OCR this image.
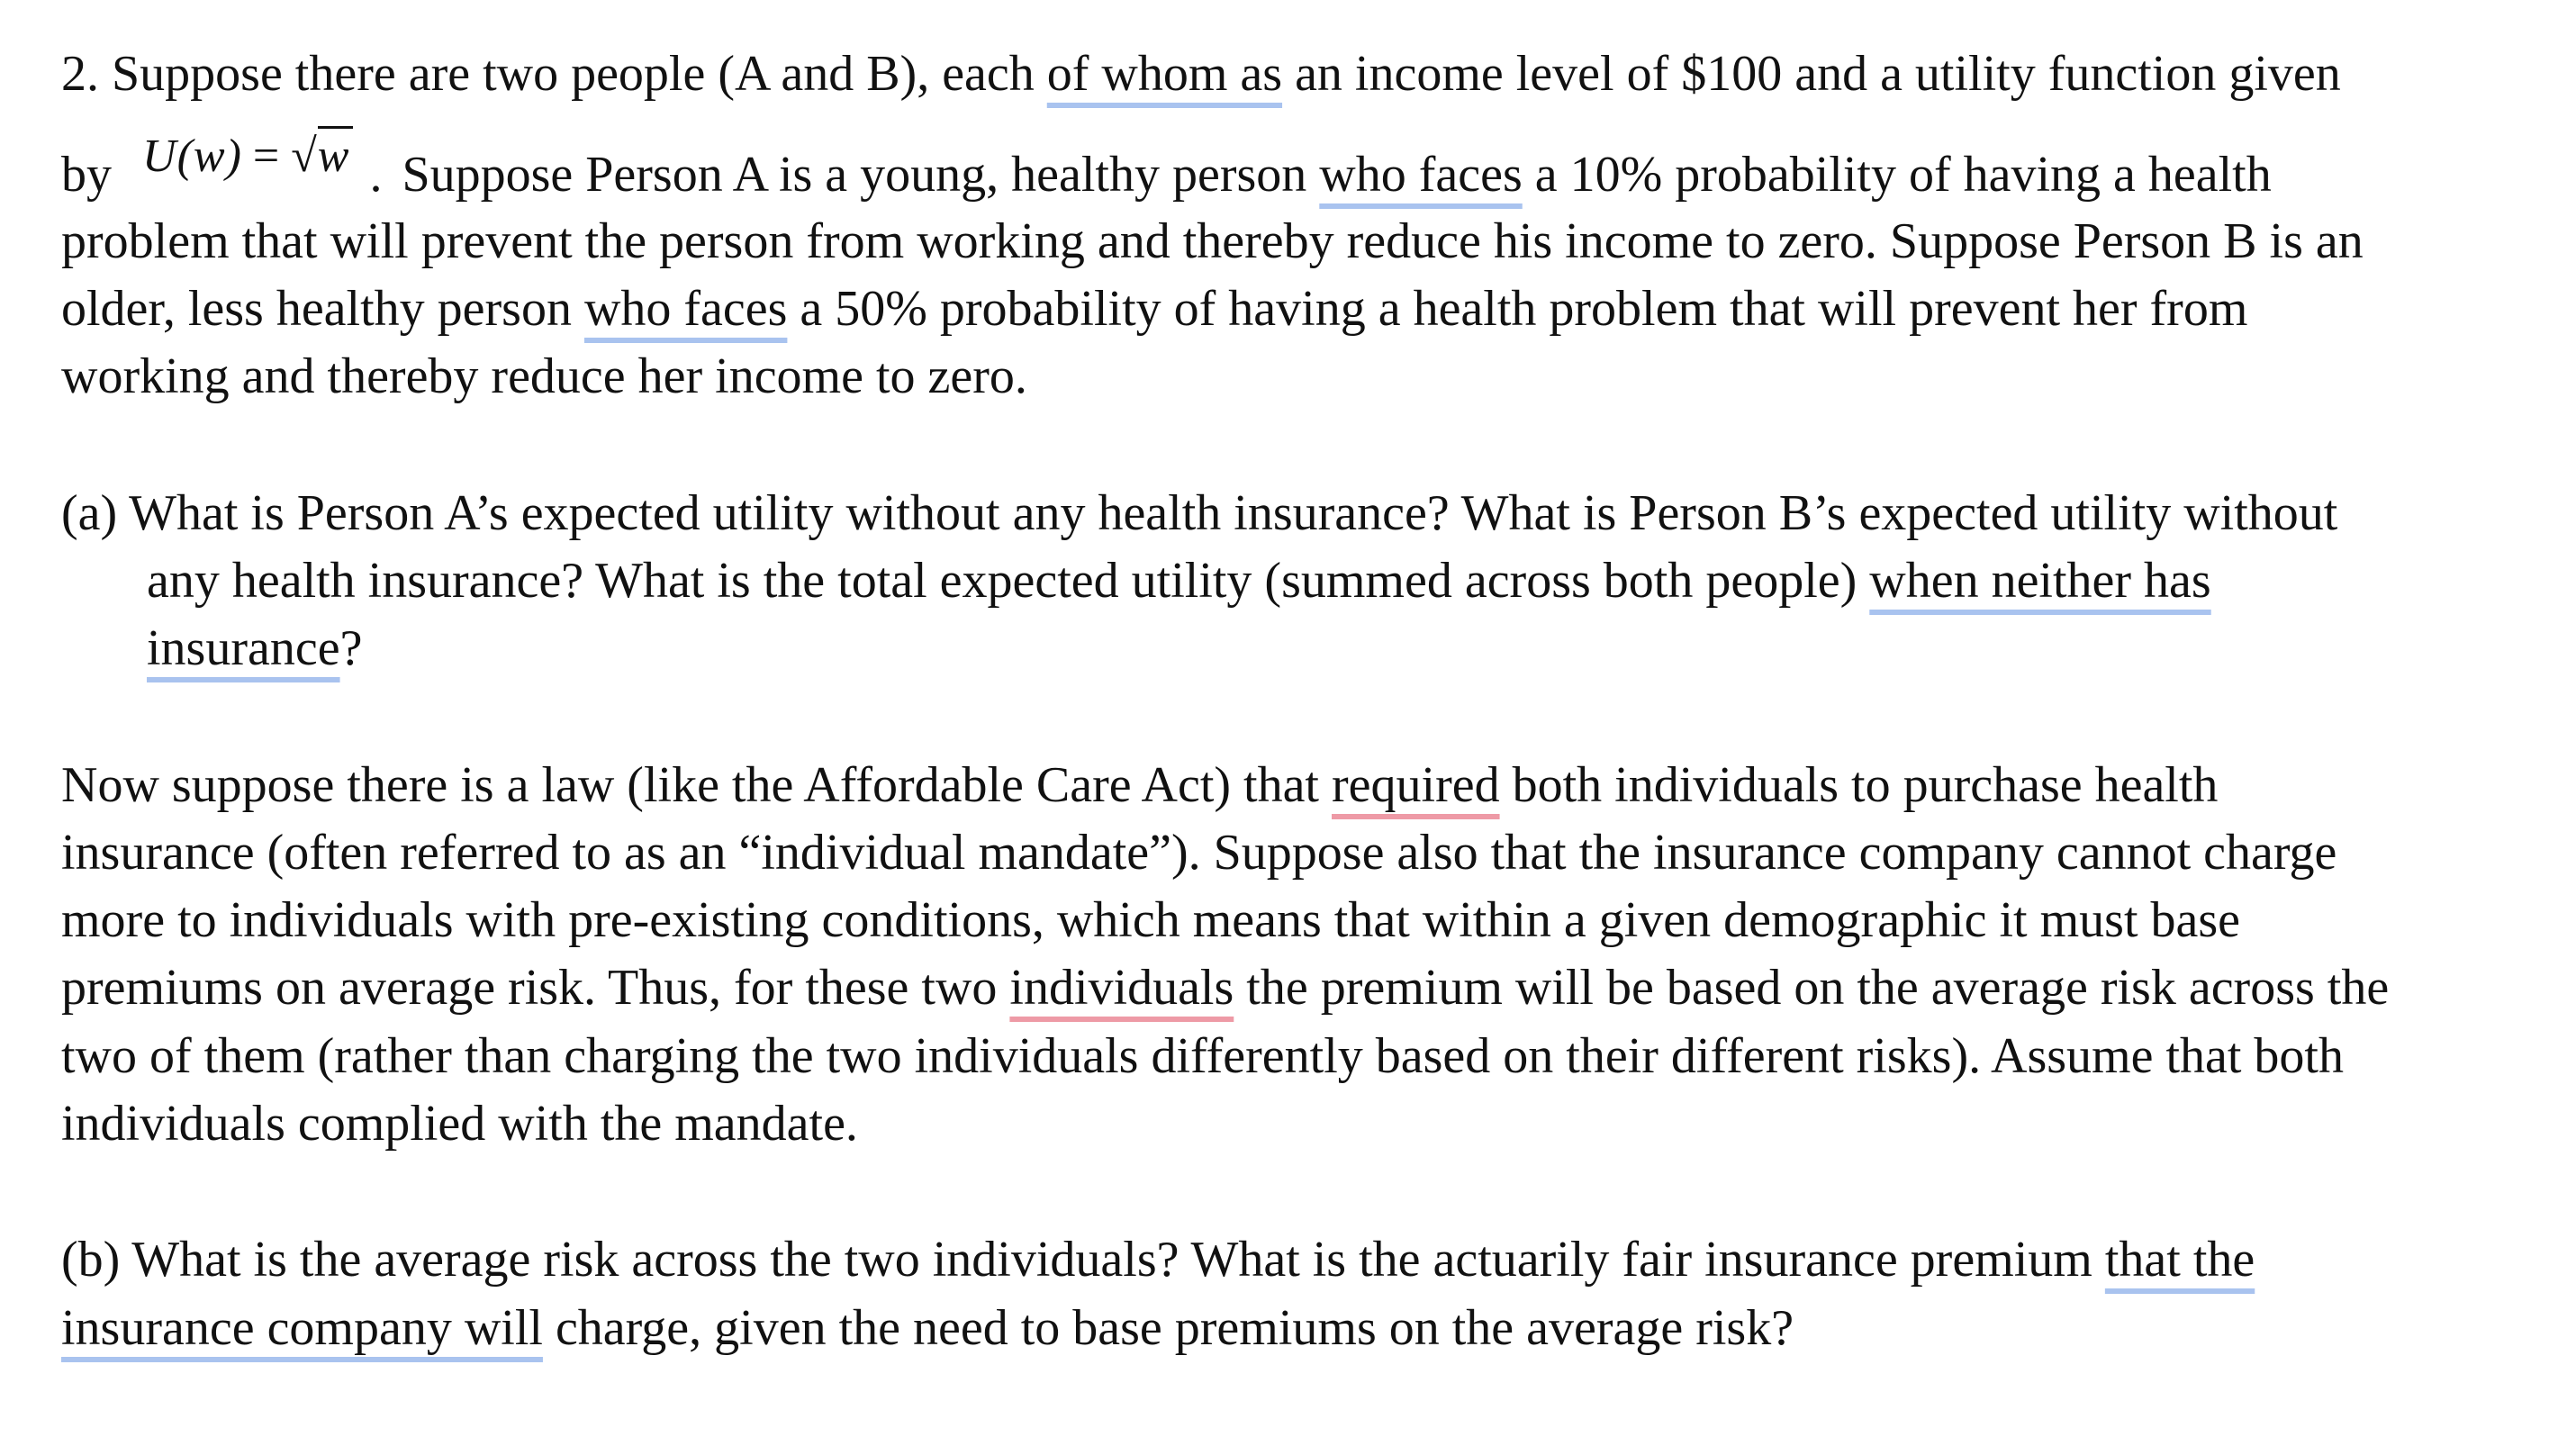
2. Suppose there are two people (A and B), each of whom as an income level of $100 and a utility function given
by U(w) = √w . Suppose Person A is a young, healthy person who faces a 10% probability of having a health
problem that will prevent the person from working and thereby reduce his income to zero. Suppose Person B is an
older, less healthy person who faces a 50% probability of having a health problem that will prevent her from
working and thereby reduce her income to zero.
(a) What is Person A’s expected utility without any health insurance? What is Person B’s expected utility without
any health insurance? What is the total expected utility (summed across both people) when neither has
insurance?
Now suppose there is a law (like the Affordable Care Act) that required both individuals to purchase health
insurance (often referred to as an “individual mandate”). Suppose also that the insurance company cannot charge
more to individuals with pre-existing conditions, which means that within a given demographic it must base
premiums on average risk. Thus, for these two individuals the premium will be based on the average risk across the
two of them (rather than charging the two individuals differently based on their different risks). Assume that both
individuals complied with the mandate.
(b) What is the average risk across the two individuals? What is the actuarily fair insurance premium that the
insurance company will charge, given the need to base premiums on the average risk?
